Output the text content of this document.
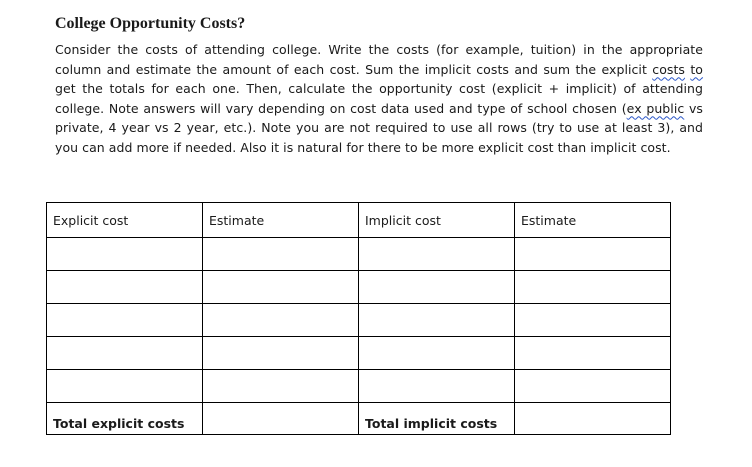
College Opportunity Costs?

Consider the costs of attending college. Write the costs (for example, tuition) in the appropriate column and estimate the amount of each cost. Sum the implicit costs and sum the explicit costs to get the totals for each one. Then, calculate the opportunity cost (explicit + implicit) of attending college. Note answers will vary depending on cost data used and type of school chosen (ex public vs private, 4 year vs 2 year, etc.). Note you are not required to use all rows (try to use at least 3), and you can add more if needed. Also it is natural for there to be more explicit cost than implicit cost.

Explicit cost	Estimate	Implicit cost	Estimate

Total explicit costs		Total implicit costs	
